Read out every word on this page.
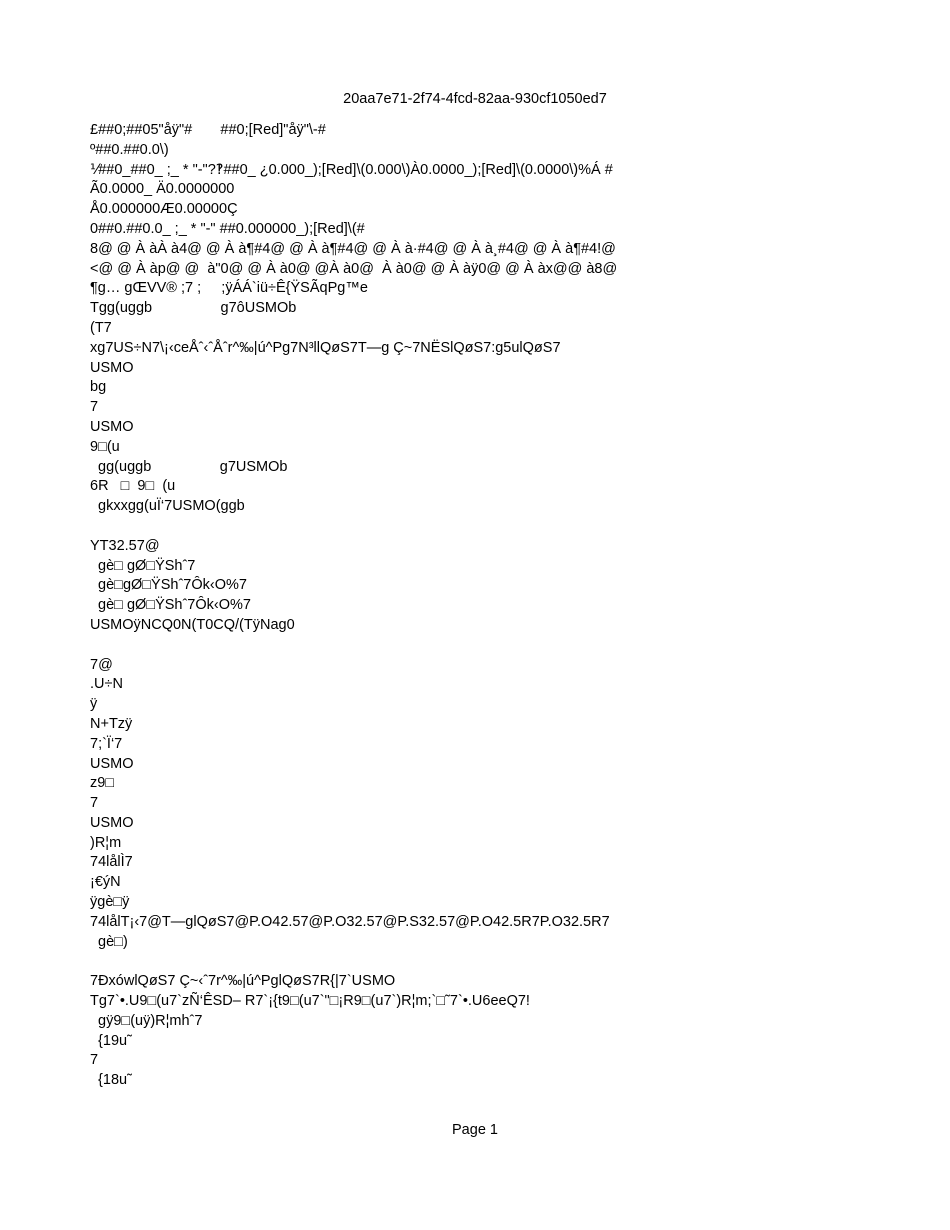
20aa7e71-2f74-4fcd-82aa-930cf1050ed7
£##0;##05"åÿ"#       ##0;[Red]"åÿ"\-#
º##0.##0.0\)
⅟##0_##0_ ;_ * "-"?‽##0_ ¿0.000_);[Red]\(0.000\)À0.0000_);[Red]\(0.0000\)%Á #
Ã0.0000_ Ä0.0000000
Å0.000000Æ0.00000Ç
0##0.##0.0_ ;_ * "-" ##0.000000_);[Red]\(#
8@ @ À àÀ à4@ @ À à¶#4@ @ À à¶#4@ @ À à·#4@ @ À à¸#4@ @ À à¶#4!@
<@ @ À àp@ @  à"0@ @ À à0@ @À à0@  À à0@ @ À àÿ0@ @ À àx@@ à8@
¶g… gŒVV® ;7 ;     ;ÿÁÁ`iü÷Ê{ŸSÃqPg™e
Tgg(uggb                 g7ôUSMOb
(T7
xg7US÷N7\¡‹ceÅˆ‹ˆÅˆr^‰|ú^Pg7N³llQøS7T—g Ç~7NËSlQøS7:g5ulQøS7
USMO
bg
7
USMO
9□(u
gg(uggb                 g7USMOb
6R   □  9□  (u
gkxxgg(uÏ‘7USMO(ggb
YT32.57@
gè□ gØ□ŸShˆ7
gè□gØ□ŸShˆ7Ôk‹O%7
gè□ gØ□ŸShˆ7Ôk‹O%7
USMOÿNCQ0N(T0CQ/(TÿNag0
7@
.U÷N
ÿ
N+Tzÿ
7;`Ï‘7
USMO
z9□
7
USMO
)R¦m
74lålÌ7
¡€ýN
ÿgè□ÿ
74lålT¡‹7@T—glQøS7@P.O42.57@P.O32.57@P.S32.57@P.O42.5R7P.O32.5R7
gè□)
7ÐxówlQøS7 Ç~‹ˆ7r^‰|ú^PglQøS7R{|7`USMO
Tg7`•.U9□(u7`zÑ‘ÊSD– R7`¡{t9□(u7`"□¡R9□(u7`)R¦m;`□˜7`•.U6eeQ7!
gÿ9□(uÿ)R¦mhˆ7
{19u˜
7
{18u˜
Page 1
